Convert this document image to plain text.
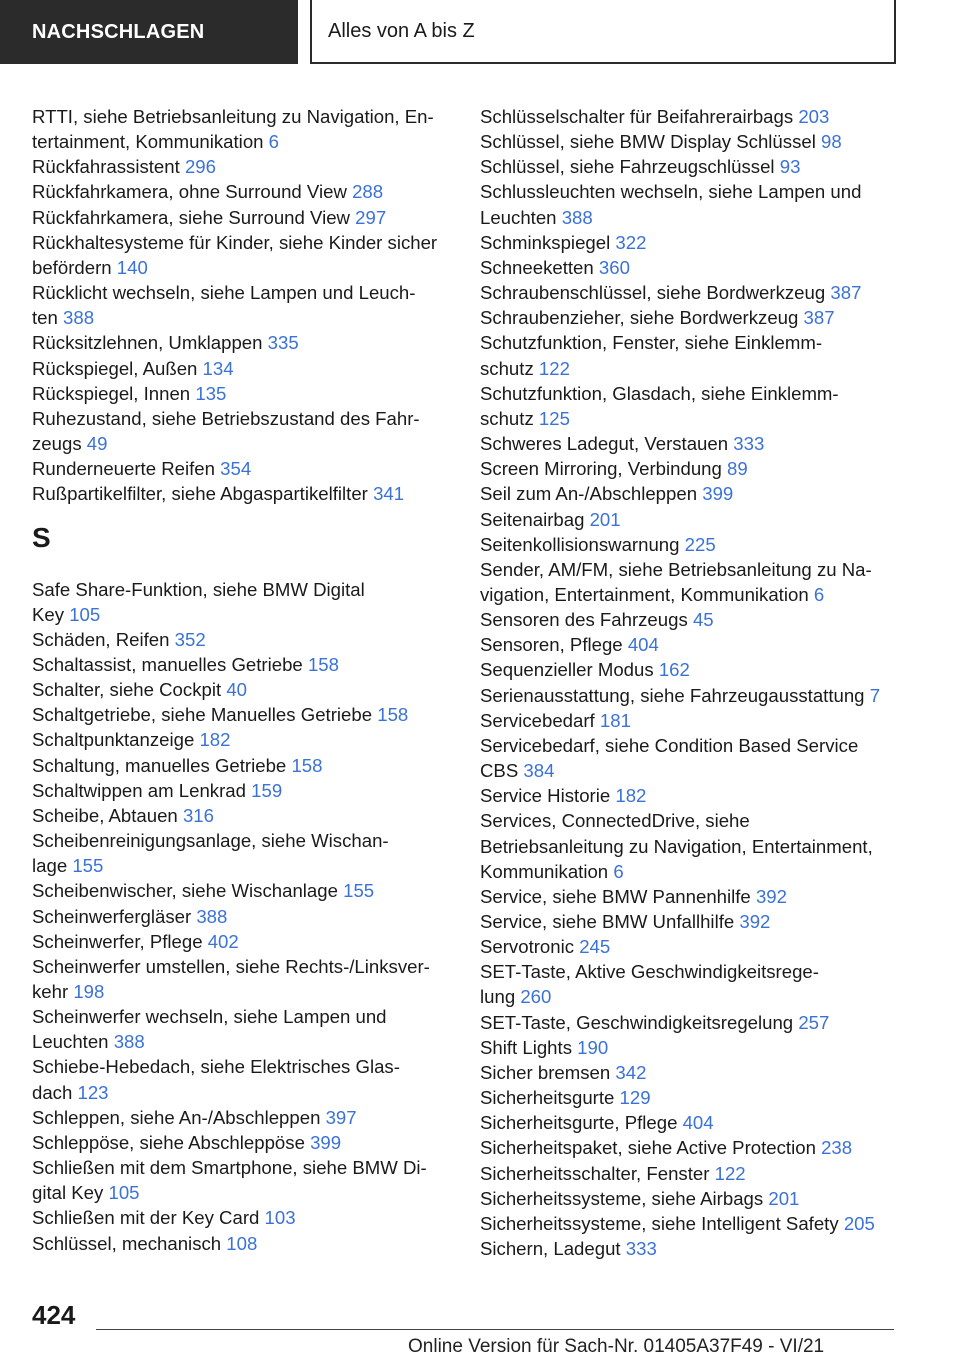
NACHSCHLAGEN	Alles von A bis Z
RTTI, siehe Betriebsanleitung zu Navigation, En-
tertainment, Kommunikation 6
Rückfahrassistent 296
Rückfahrkamera, ohne Surround View 288
Rückfahrkamera, siehe Surround View 297
Rückhaltesysteme für Kinder, siehe Kinder sicher
befördern 140
Rücklicht wechseln, siehe Lampen und Leuch-
ten 388
Rücksitzlehnen, Umklappen 335
Rückspiegel, Außen 134
Rückspiegel, Innen 135
Ruhezustand, siehe Betriebszustand des Fahr-
zeugs 49
Runderneuerte Reifen 354
Rußpartikelfilter, siehe Abgaspartikelfilter 341
S
Safe Share-Funktion, siehe BMW Digital
Key 105
Schäden, Reifen 352
Schaltassist, manuelles Getriebe 158
Schalter, siehe Cockpit 40
Schaltgetriebe, siehe Manuelles Getriebe 158
Schaltpunktanzeige 182
Schaltung, manuelles Getriebe 158
Schaltwippen am Lenkrad 159
Scheibe, Abtauen 316
Scheibenreinigungsanlage, siehe Wischan-
lage 155
Scheibenwischer, siehe Wischanlage 155
Scheinwerfergläser 388
Scheinwerfer, Pflege 402
Scheinwerfer umstellen, siehe Rechts-/Linksver-
kehr 198
Scheinwerfer wechseln, siehe Lampen und
Leuchten 388
Schiebe-Hebedach, siehe Elektrisches Glas-
dach 123
Schleppen, siehe An-/Abschleppen 397
Schleppöse, siehe Abschleppöse 399
Schließen mit dem Smartphone, siehe BMW Di-
gital Key 105
Schließen mit der Key Card 103
Schlüssel, mechanisch 108
Schlüsselschalter für Beifahrerairbags 203
Schlüssel, siehe BMW Display Schlüssel 98
Schlüssel, siehe Fahrzeugschlüssel 93
Schlussleuchten wechseln, siehe Lampen und
Leuchten 388
Schminkspiegel 322
Schneeketten 360
Schraubenschlüssel, siehe Bordwerkzeug 387
Schraubenzieher, siehe Bordwerkzeug 387
Schutzfunktion, Fenster, siehe Einklemm-
schutz 122
Schutzfunktion, Glasdach, siehe Einklemm-
schutz 125
Schweres Ladegut, Verstauen 333
Screen Mirroring, Verbindung 89
Seil zum An-/Abschleppen 399
Seitenairbag 201
Seitenkollisionswarnung 225
Sender, AM/FM, siehe Betriebsanleitung zu Na-
vigation, Entertainment, Kommunikation 6
Sensoren des Fahrzeugs 45
Sensoren, Pflege 404
Sequenzieller Modus 162
Serienausstattung, siehe Fahrzeugausstattung 7
Servicebedarf 181
Servicebedarf, siehe Condition Based Service
CBS 384
Service Historie 182
Services, ConnectedDrive, siehe
Betriebsanleitung zu Navigation, Entertainment,
Kommunikation 6
Service, siehe BMW Pannenhilfe 392
Service, siehe BMW Unfallhilfe 392
Servotronic 245
SET-Taste, Aktive Geschwindigkeitsrege-
lung 260
SET-Taste, Geschwindigkeitsregelung 257
Shift Lights 190
Sicher bremsen 342
Sicherheitsgurte 129
Sicherheitsgurte, Pflege 404
Sicherheitspaket, siehe Active Protection 238
Sicherheitsschalter, Fenster 122
Sicherheitssysteme, siehe Airbags 201
Sicherheitssysteme, siehe Intelligent Safety 205
Sichern, Ladegut 333
424
Online Version für Sach-Nr. 01405A37F49 - VI/21
